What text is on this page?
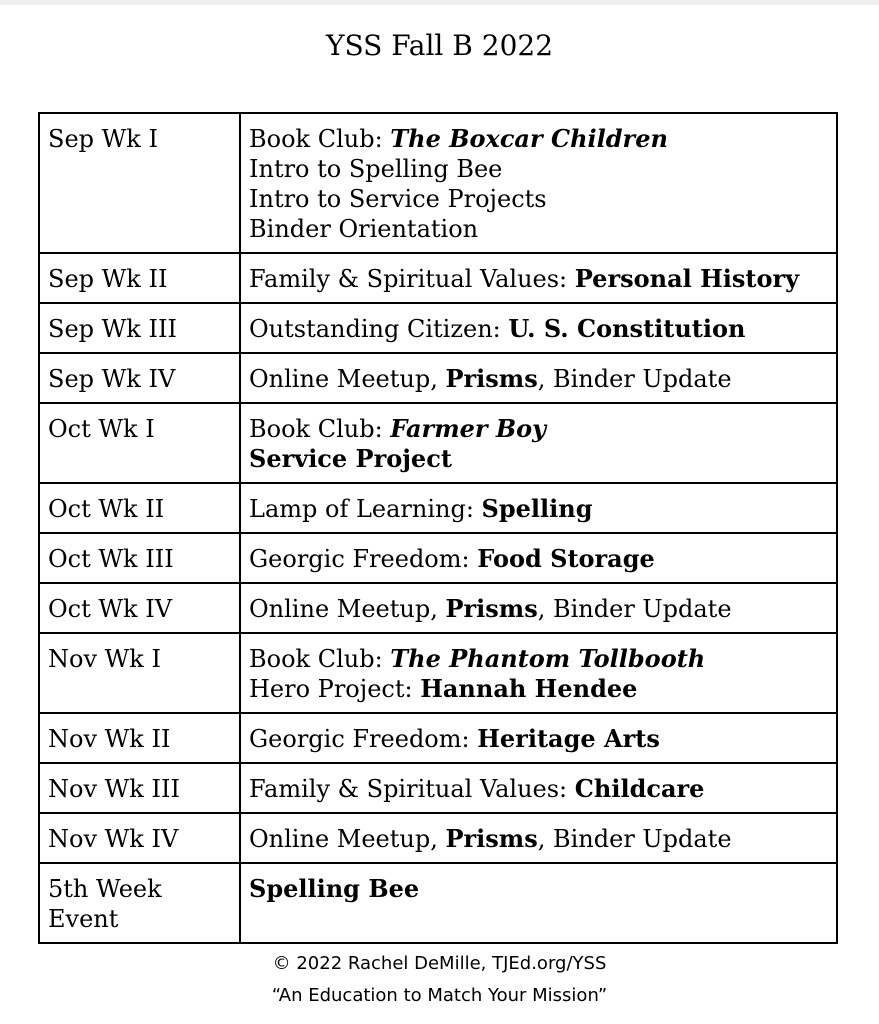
YSS Fall B 2022
Sep Wk I	Book Club: The Boxcar Children
Intro to Spelling Bee
Intro to Service Projects
Binder Orientation

Sep Wk II	Family & Spiritual Values: Personal History

Sep Wk III	Outstanding Citizen: U. S. Constitution

Sep Wk IV	Online Meetup, Prisms, Binder Update

Oct Wk I	Book Club: Farmer Boy
Service Project

Oct Wk II	Lamp of Learning: Spelling

Oct Wk III	Georgic Freedom: Food Storage

Oct Wk IV	Online Meetup, Prisms, Binder Update

Nov Wk I	Book Club: The Phantom Tollbooth
Hero Project: Hannah Hendee

Nov Wk II	Georgic Freedom: Heritage Arts

Nov Wk III	Family & Spiritual Values: Childcare

Nov Wk IV	Online Meetup, Prisms, Binder Update

5th Week Event	Spelling Bee
© 2022 Rachel DeMille, TJEd.org/YSS
“An Education to Match Your Mission”
